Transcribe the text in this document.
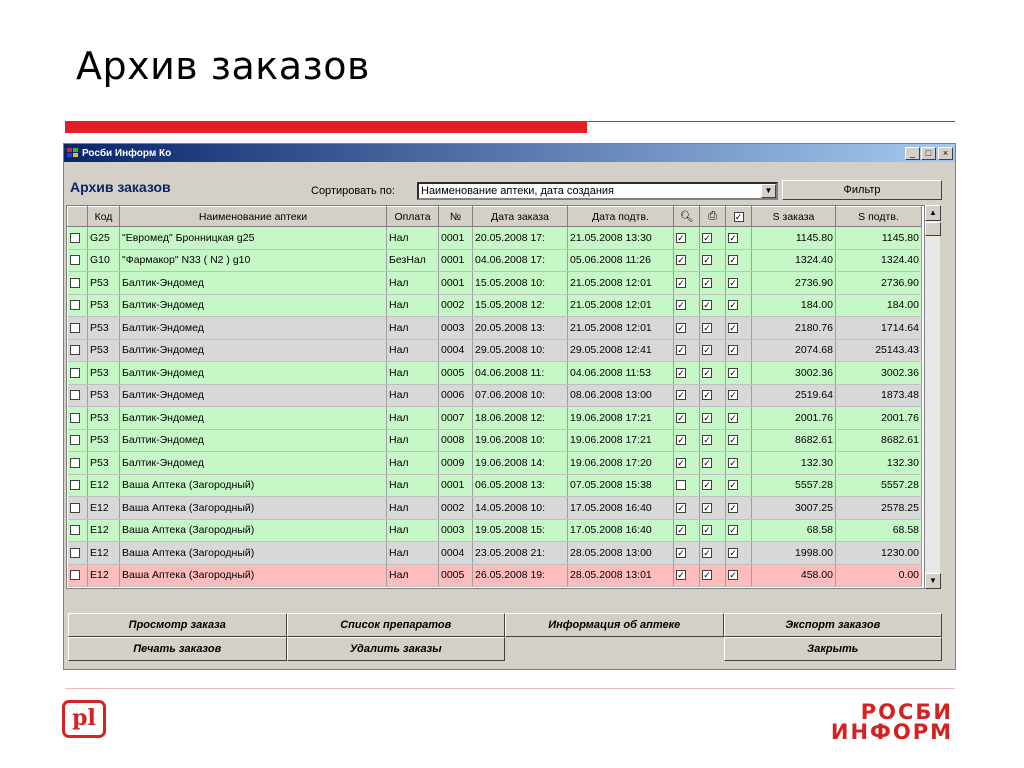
Архив заказов
Росби Информ Ко	_	□	×
Архив заказов	Сортировать по:	Наименование аптеки, дата создания	▼	Фильтр
	Код	Наименование аптеки	Оплата	№	Дата заказа	Дата подтв.	🔍︎	⎙	✓	S заказа	S подтв.
	G25	"Евромед" Бронницкая g25	Нал	0001	20.05.2008 17:	21.05.2008 13:30	✓	✓	✓	1145.80	1145.80
	G10	"Фармакор" N33 ( N2 ) g10	БезНал	0001	04.06.2008 17:	05.06.2008 11:26	✓	✓	✓	1324.40	1324.40
	P53	Балтик-Эндомед	Нал	0001	15.05.2008 10:	21.05.2008 12:01	✓	✓	✓	2736.90	2736.90
	P53	Балтик-Эндомед	Нал	0002	15.05.2008 12:	21.05.2008 12:01	✓	✓	✓	184.00	184.00
	P53	Балтик-Эндомед	Нал	0003	20.05.2008 13:	21.05.2008 12:01	✓	✓	✓	2180.76	1714.64
	P53	Балтик-Эндомед	Нал	0004	29.05.2008 10:	29.05.2008 12:41	✓	✓	✓	2074.68	25143.43
	P53	Балтик-Эндомед	Нал	0005	04.06.2008 11:	04.06.2008 11:53	✓	✓	✓	3002.36	3002.36
	P53	Балтик-Эндомед	Нал	0006	07.06.2008 10:	08.06.2008 13:00	✓	✓	✓	2519.64	1873.48
	P53	Балтик-Эндомед	Нал	0007	18.06.2008 12:	19.06.2008 17:21	✓	✓	✓	2001.76	2001.76
	P53	Балтик-Эндомед	Нал	0008	19.06.2008 10:	19.06.2008 17:21	✓	✓	✓	8682.61	8682.61
	P53	Балтик-Эндомед	Нал	0009	19.06.2008 14:	19.06.2008 17:20	✓	✓	✓	132.30	132.30
	E12	Ваша Аптека (Загородный)	Нал	0001	06.05.2008 13:	07.05.2008 15:38		✓	✓	5557.28	5557.28
	E12	Ваша Аптека (Загородный)	Нал	0002	14.05.2008 10:	17.05.2008 16:40	✓	✓	✓	3007.25	2578.25
	E12	Ваша Аптека (Загородный)	Нал	0003	19.05.2008 15:	17.05.2008 16:40	✓	✓	✓	68.58	68.58
	E12	Ваша Аптека (Загородный)	Нал	0004	23.05.2008 21:	28.05.2008 13:00	✓	✓	✓	1998.00	1230.00
	E12	Ваша Аптека (Загородный)	Нал	0005	26.05.2008 19:	28.05.2008 13:01	✓	✓	✓	458.00	0.00
▲
▼
Просмотр заказа	Список препаратов	Информация об аптеке	Экспорт заказов
Печать заказов	Удалить заказы	Закрыть
pl	РОСБИ
ИНФОРМ
